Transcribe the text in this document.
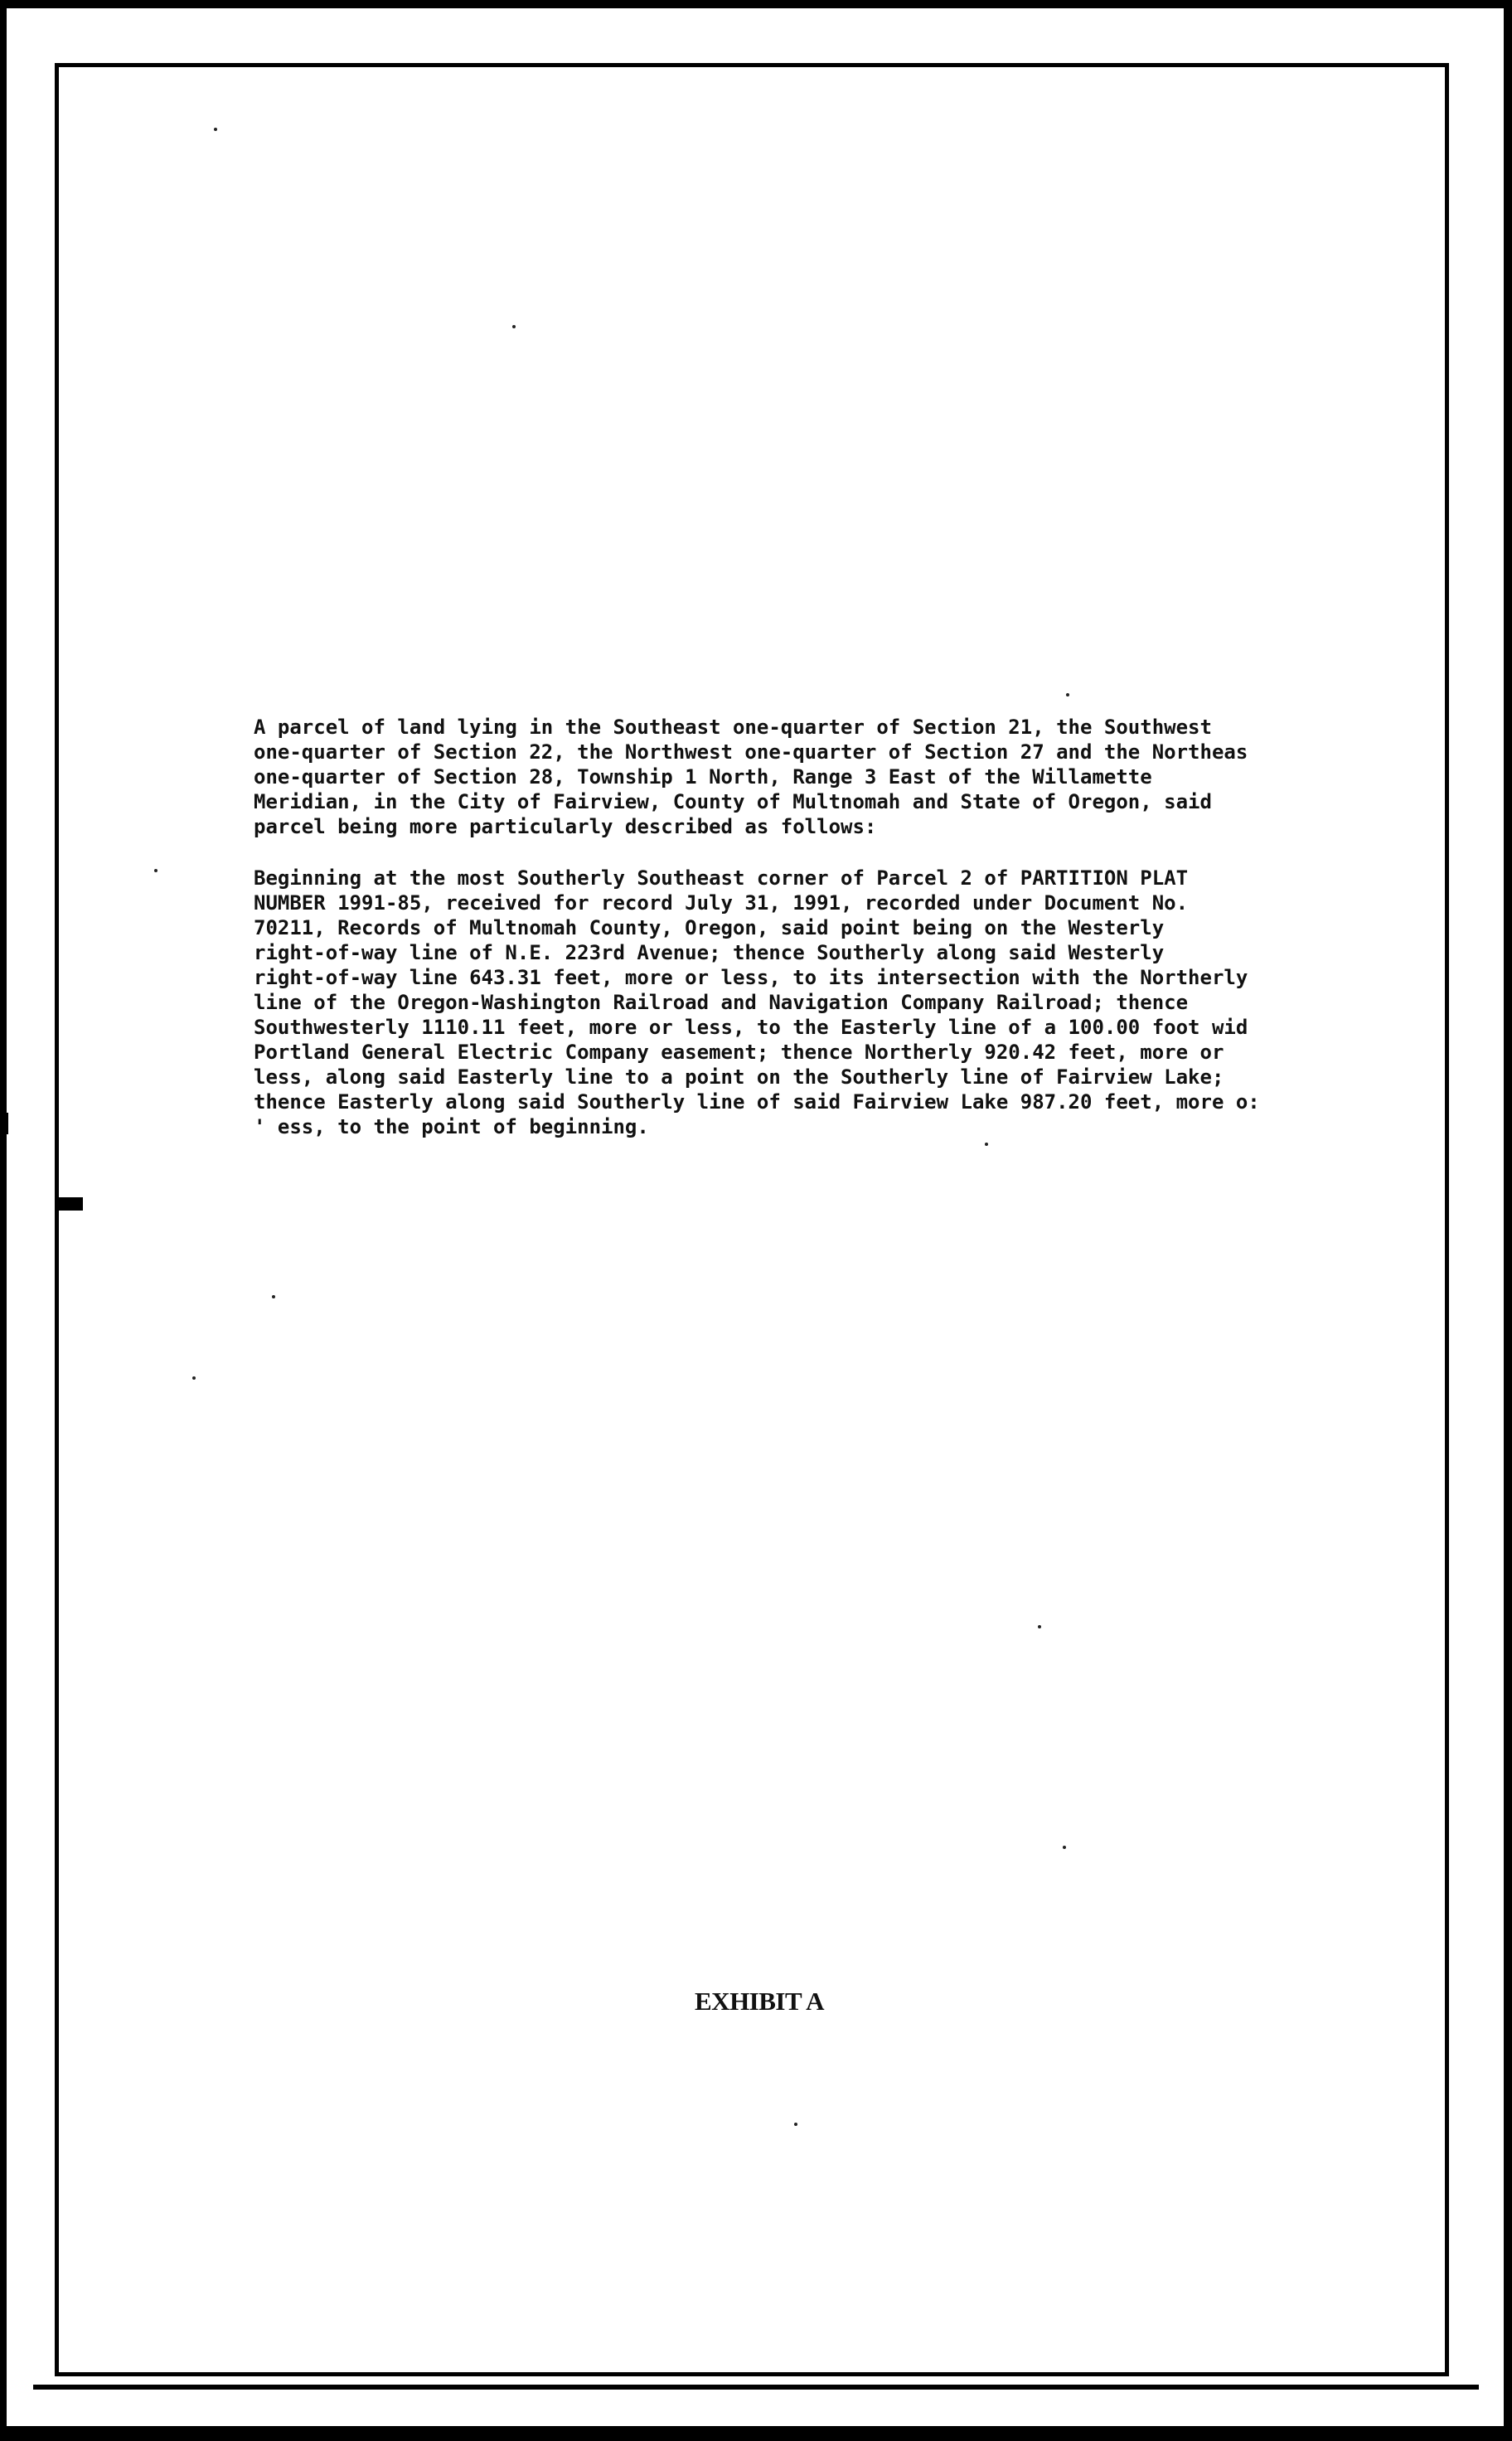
A parcel of land lying in the Southeast one-quarter of Section 21, the Southwest
one-quarter of Section 22, the Northwest one-quarter of Section 27 and the Northeas
one-quarter of Section 28, Township 1 North, Range 3 East of the Willamette
Meridian, in the City of Fairview, County of Multnomah and State of Oregon, said
parcel being more particularly described as follows:

Beginning at the most Southerly Southeast corner of Parcel 2 of PARTITION PLAT
NUMBER 1991-85, received for record July 31, 1991, recorded under Document No.
70211, Records of Multnomah County, Oregon, said point being on the Westerly
right-of-way line of N.E. 223rd Avenue; thence Southerly along said Westerly
right-of-way line 643.31 feet, more or less, to its intersection with the Northerly
line of the Oregon-Washington Railroad and Navigation Company Railroad; thence
Southwesterly 1110.11 feet, more or less, to the Easterly line of a 100.00 foot wid
Portland General Electric Company easement; thence Northerly 920.42 feet, more or
less, along said Easterly line to a point on the Southerly line of Fairview Lake;
thence Easterly along said Southerly line of said Fairview Lake 987.20 feet, more o:
' ess, to the point of beginning.

EXHIBIT A
